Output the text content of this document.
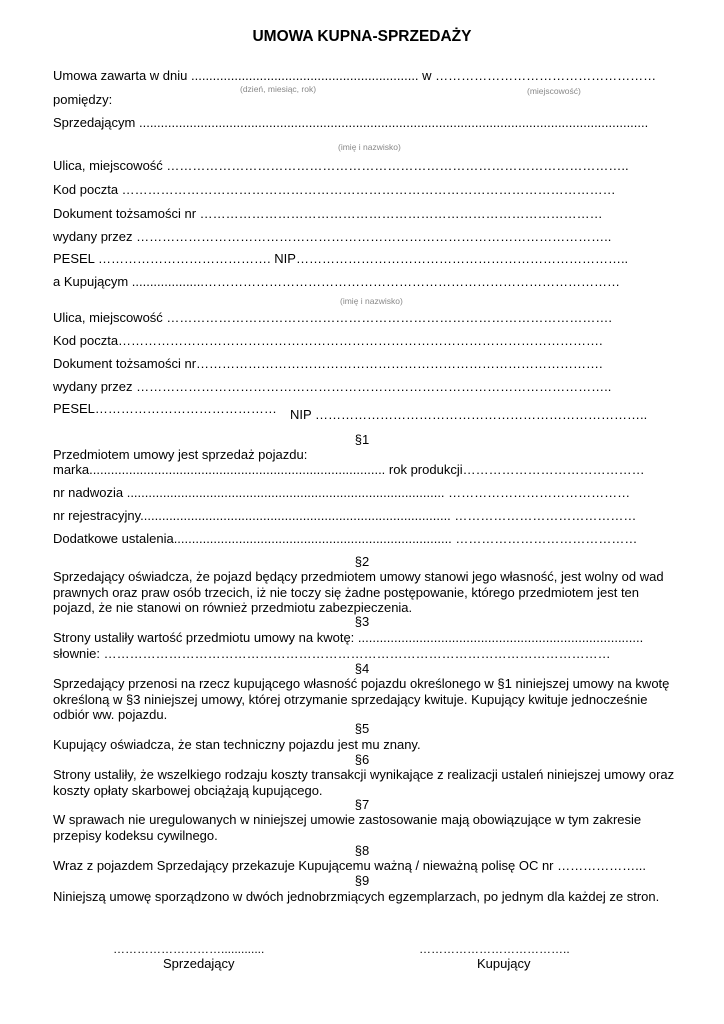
UMOWA KUPNA-SPRZEDAŻY
Umowa zawarta w dniu ............................................................... w ……………………………………………
(dzień, miesiąc, rok)	(miejscowość)
pomiędzy:
Sprzedającym .............................................................................................................................................
(imię i nazwisko)
Ulica, miejscowość ……………………………………………………………………………………………..
Kod poczta ……………………………………………………………………………………………………
Dokument tożsamości nr …………………………………………………………………………………
wydany przez ………………………………………………………………………………………………..
PESEL …………………………………. NIP…………………………………………………………………..
a Kupującym ....................……………………………………………………………………………………
(imię i nazwisko)
Ulica, miejscowość ………………………………………………………………………………………….
Kod poczta………………………………………………………………………………………………….
Dokument tożsamości nr………………………………………………………………………………….
wydany przez ………………………………………………………………………………………………..
PESEL…………………………………… NIP …………………………………………………………………..
§1
Przedmiotem umowy jest sprzedaż pojazdu:
marka.................................................................................. rok produkcji……………………………………
nr nadwozia ........................................................................................ ……………………………………
nr rejestracyjny...................................................................................... ……………………………………
Dodatkowe ustalenia............................................................................. ……………………………………
§2
Sprzedający oświadcza, że pojazd będący przedmiotem umowy stanowi jego własność, jest wolny od wad prawnych oraz praw osób trzecich, iż nie toczy się żadne postępowanie, którego przedmiotem jest ten pojazd, że nie stanowi on również przedmiotu zabezpieczenia.
§3
Strony ustaliły wartość przedmiotu umowy na kwotę: ...............................................................................
słownie: ………………………………………………………………………………………………………
§4
Sprzedający przenosi na rzecz kupującego własność pojazdu określonego w §1 niniejszej umowy na kwotę określoną w §3 niniejszej umowy, której otrzymanie sprzedający kwituje. Kupujący kwituje jednocześnie odbiór ww. pojazdu.
§5
Kupujący oświadcza, że stan techniczny pojazdu jest mu znany.
§6
Strony ustaliły, że wszelkiego rodzaju koszty transakcji wynikające z realizacji ustaleń niniejszej umowy oraz koszty opłaty skarbowej obciążają kupującego.
§7
W sprawach nie uregulowanych w niniejszej umowie zastosowanie mają obowiązujące w tym zakresie przepisy kodeksu cywilnego.
§8
Wraz z pojazdem Sprzedający przekazuje Kupującemu ważną / nieważną polisę OC nr ………………...
§9
Niniejszą umowę sporządzono w dwóch jednobrzmiących egzemplarzach, po jednym dla każdej ze stron.
……………………….............
Sprzedający
………………………………..
Kupujący
